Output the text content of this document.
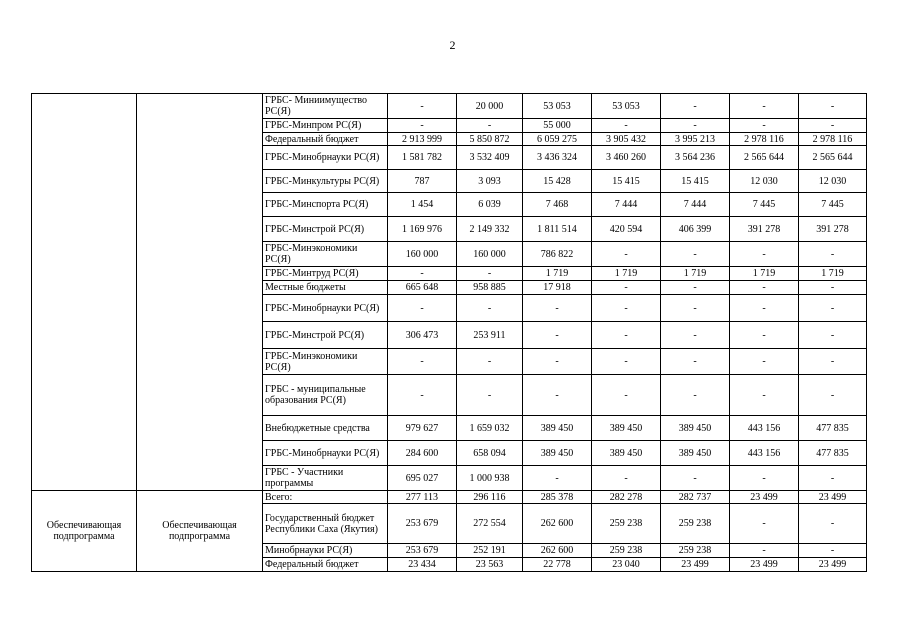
2
		ГРБС- Миниимущество РС(Я)	-	20 000	53 053	53 053	-	-	-
		ГРБС-Минпром РС(Я)	-	-	55 000	-	-	-	-
		Федеральный бюджет	2 913 999	5 850 872	6 059 275	3 905 432	3 995 213	2 978 116	2 978 116
		ГРБС-Минобрнауки РС(Я)	1 581 782	3 532 409	3 436 324	3 460 260	3 564 236	2 565 644	2 565 644
		ГРБС-Минкультуры РС(Я)	787	3 093	15 428	15 415	15 415	12 030	12 030
		ГРБС-Минспорта РС(Я)	1 454	6 039	7 468	7 444	7 444	7 445	7 445
		ГРБС-Минстрой РС(Я)	1 169 976	2 149 332	1 811 514	420 594	406 399	391 278	391 278
		ГРБС-Минэкономики РС(Я)	160 000	160 000	786 822	-	-	-	-
		ГРБС-Минтруд РС(Я)	-	-	1 719	1 719	1 719	1 719	1 719
		Местные бюджеты	665 648	958 885	17 918	-	-	-	-
		ГРБС-Минобрнауки РС(Я)	-	-	-	-	-	-	-
		ГРБС-Минстрой РС(Я)	306 473	253 911	-	-	-	-	-
		ГРБС-Минэкономики РС(Я)	-	-	-	-	-	-	-
		ГРБС - муниципальные образования РС(Я)	-	-	-	-	-	-	-
		Внебюджетные средства	979 627	1 659 032	389 450	389 450	389 450	443 156	477 835
		ГРБС-Минобрнауки РС(Я)	284 600	658 094	389 450	389 450	389 450	443 156	477 835
		ГРБС - Участники программы	695 027	1 000 938	-	-	-	-	-
Обеспечивающая подпрограмма	Обеспечивающая подпрограмма	Всего:	277 113	296 116	285 378	282 278	282 737	23 499	23 499
		Государственный бюджет Республики Саха (Якутия)	253 679	272 554	262 600	259 238	259 238	-	-
		Минобрнауки РС(Я)	253 679	252 191	262 600	259 238	259 238	-	-
		Федеральный бюджет	23 434	23 563	22 778	23 040	23 499	23 499	23 499
